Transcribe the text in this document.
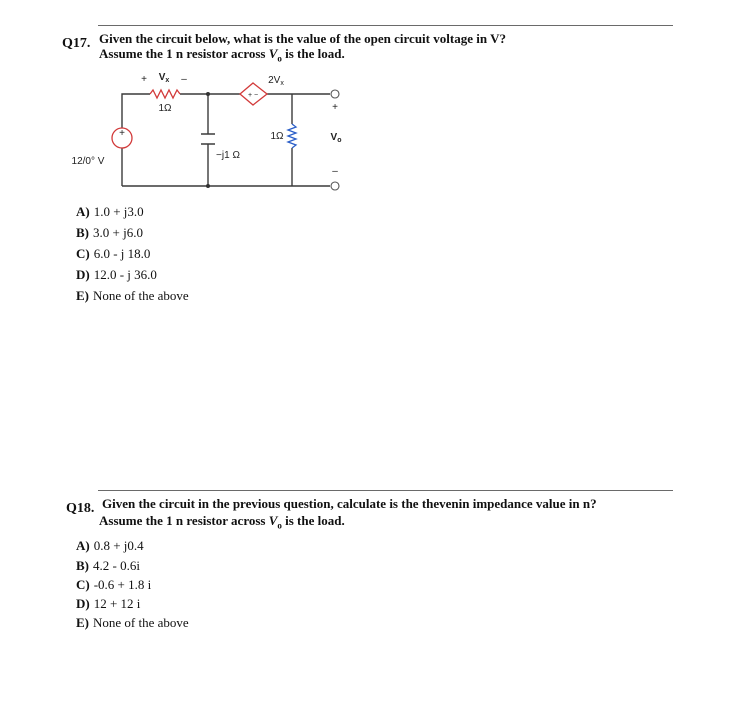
Q17. Given the circuit below, what is the value of the open circuit voltage in V?
Assume the 1 n resistor across $V_o$ is the load.
+
+ −
+ $V_x$ –
1Ω
12/0° V
−j1 Ω
$2V_x$
1Ω	$V_o$
+
–
A) 1.0 + j3.0
B) 3.0 + j6.0
C) 6.0 - j 18.0
D) 12.0 - j 36.0
E) None of the above
Q18. Given the circuit in the previous question, calculate is the thevenin impedance value in n?
Assume the 1 n resistor across $V_o$ is the load.
A) 0.8 + j0.4
B) 4.2 - 0.6i
C) -0.6 + 1.8 i
D) 12 + 12 i
E) None of the above
